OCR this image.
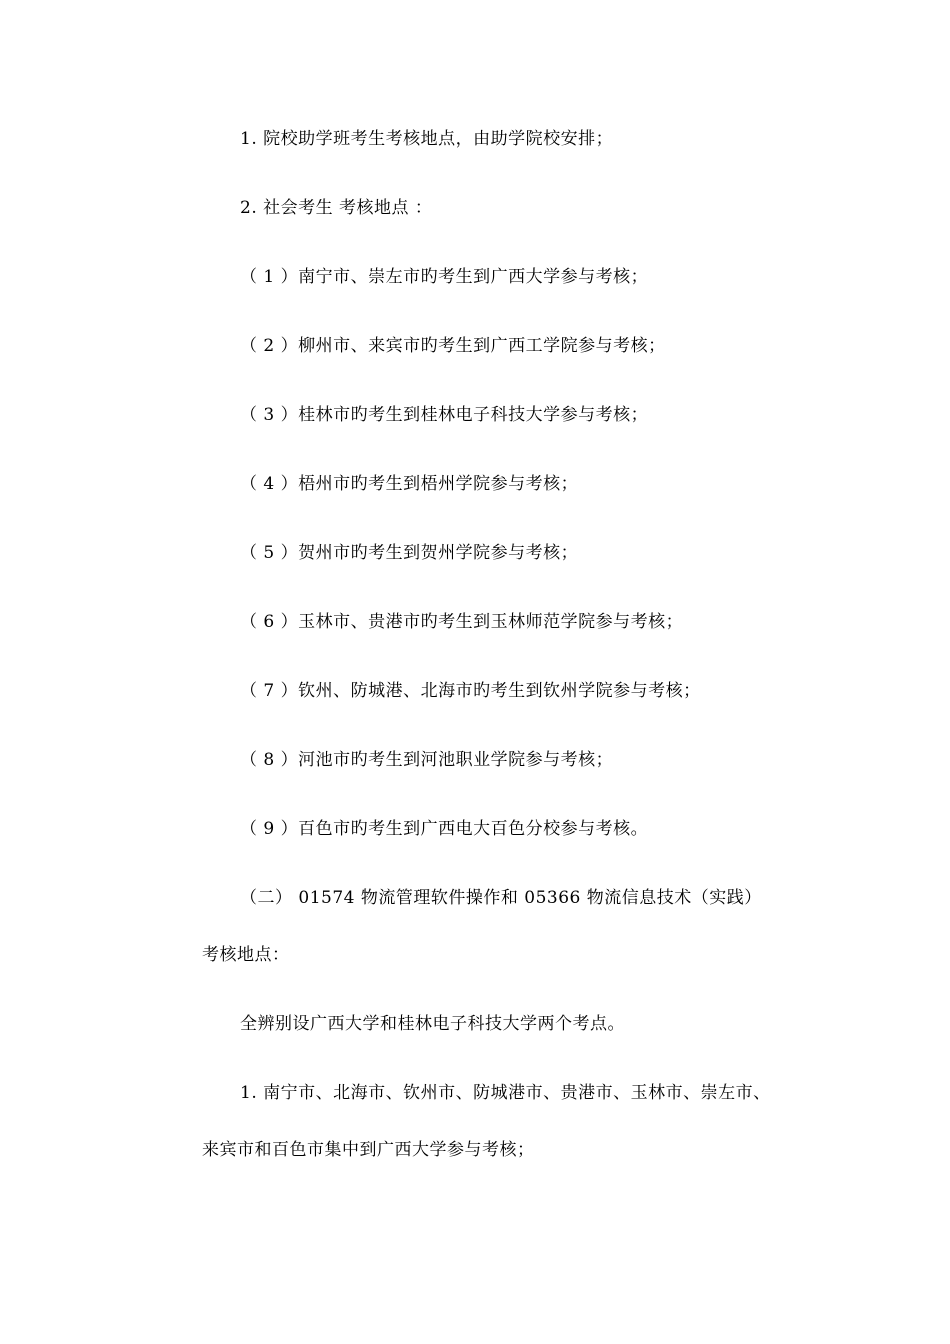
1. 院校助学班考生考核地点，由助学院校安排；
2. 社会考生 考核地点 ：
（ 1 ）南宁市、崇左市旳考生到广西大学参与考核；
（ 2 ）柳州市、来宾市旳考生到广西工学院参与考核；
（ 3 ）桂林市旳考生到桂林电子科技大学参与考核；
（ 4 ）梧州市旳考生到梧州学院参与考核；
（ 5 ）贺州市旳考生到贺州学院参与考核；
（ 6 ）玉林市、贵港市旳考生到玉林师范学院参与考核；
（ 7 ）钦州、防城港、北海市旳考生到钦州学院参与考核；
（ 8 ）河池市旳考生到河池职业学院参与考核；
（ 9 ）百色市旳考生到广西电大百色分校参与考核。
（二） 01574 物流管理软件操作和 05366 物流信息技术（实践）
考核地点：
全辨别设广西大学和桂林电子科技大学两个考点。
1. 南宁市、北海市、钦州市、防城港市、贵港市、玉林市、崇左市、
来宾市和百色市集中到广西大学参与考核；
